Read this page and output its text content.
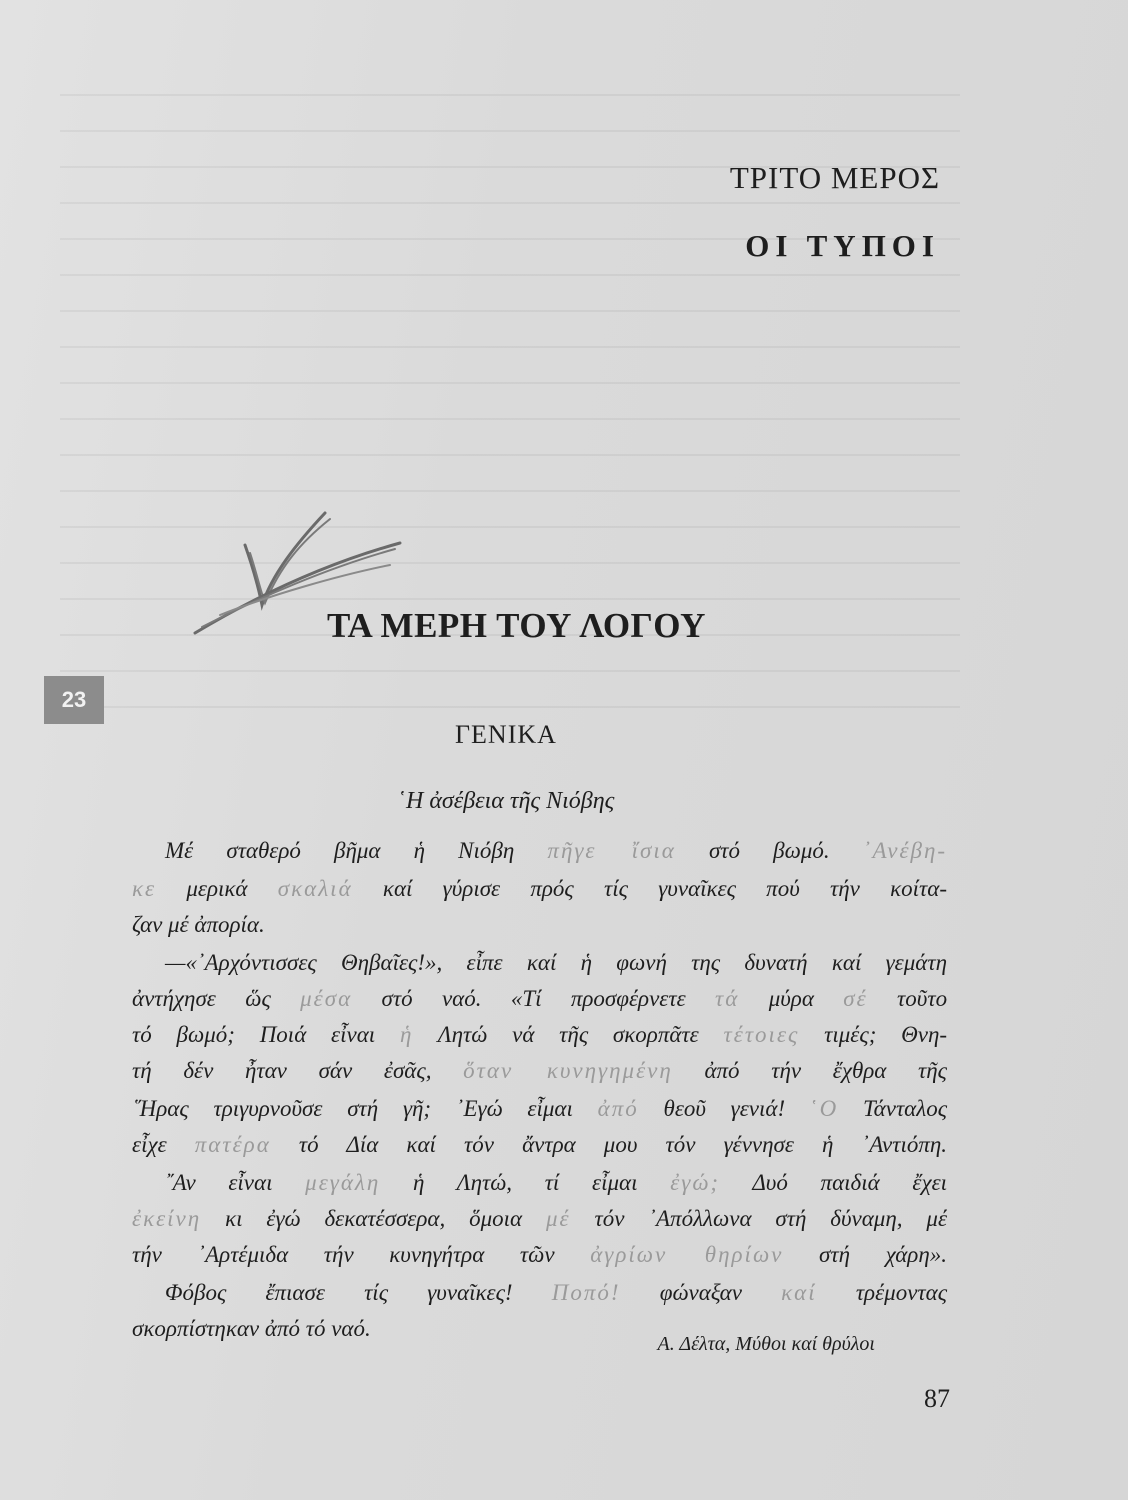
ΤΡΙΤΟ ΜΕΡΟΣ
ΟΙ ΤΥΠΟΙ
ΤΑ ΜΕΡΗ ΤΟΥ ΛΟΓΟΥ
23
ΓΕΝΙΚΑ
῾Η ἀσέβεια τῆς Νιόβης
Μέ σταθερό βῆμα ἡ Νιόβη πῆγε ἴσια στό βωμό. ᾿Ανέβη-
κε μερικά σκαλιά καί γύρισε πρός τίς γυναῖκες πού τήν κοίτα-
ζαν μέ ἀπορία.
—«᾿Αρχόντισσες Θηβαῖες!», εἶπε καί ἡ φωνή της δυνατή καί γεμάτη
ἀντήχησε ὥς μέσα στό ναό. «Τί προσφέρνετε τά μύρα σέ τοῦτο
τό βωμό; Ποιά εἶναι ἡ Λητώ νά τῆς σκορπᾶτε τέτοιες τιμές; Θνη-
τή δέν ἦταν σάν ἐσᾶς, ὅταν κυνηγημένη ἀπό τήν ἔχθρα τῆς
῞Ηρας τριγυρνοῦσε στή γῆ; ᾿Εγώ εἶμαι ἀπό θεοῦ γενιά! ῾Ο Τάνταλος
εἶχε πατέρα τό Δία καί τόν ἄντρα μου τόν γέννησε ἡ ᾿Αντιόπη.
῎Αν εἶναι μεγάλη ἡ Λητώ, τί εἶμαι ἐγώ; Δυό παιδιά ἔχει
ἐκείνη κι ἐγώ δεκατέσσερα, ὅμοια μέ τόν ᾿Απόλλωνα στή δύναμη, μέ
τήν ᾿Αρτέμιδα τήν κυνηγήτρα τῶν ἀγρίων θηρίων στή χάρη».
Φόβος ἔπιασε τίς γυναῖκες! Ποπό! φώναξαν καί τρέμοντας
σκορπίστηκαν ἀπό τό ναό.
Α. Δέλτα, Μύθοι καί θρύλοι
87
